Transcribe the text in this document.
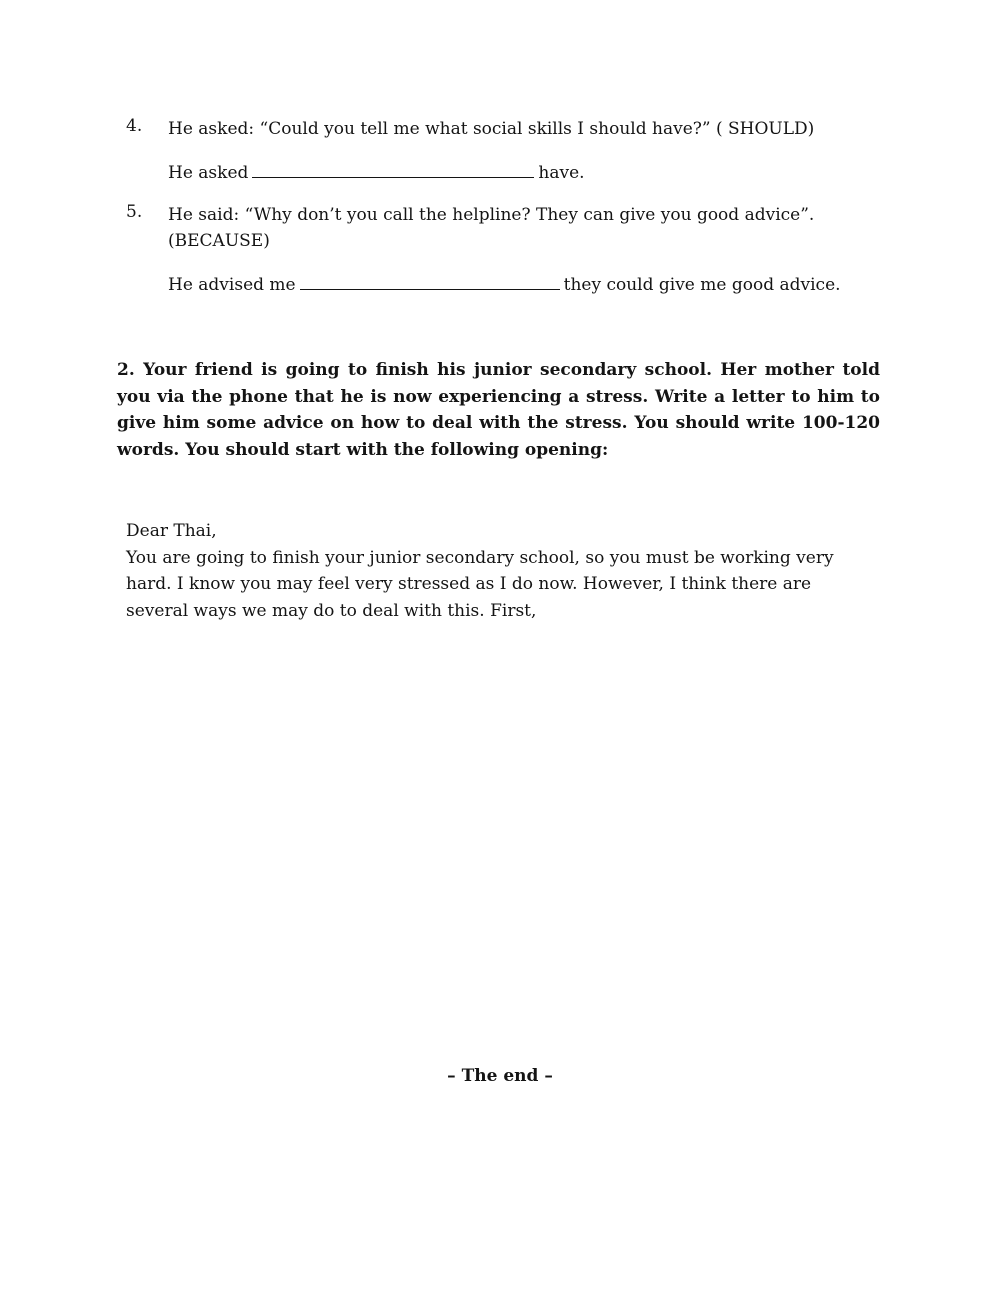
4. He asked: “Could you tell me what social skills I should have?” ( SHOULD)
He asked	have.
5. He said: “Why don’t you call the helpline? They can give you good advice”.
(BECAUSE)
He advised me	they could give me good advice.
2. Your friend is going to finish his junior secondary school. Her mother told you via the phone that he is now experiencing a stress. Write a letter to him to give him some advice on how to deal with the stress. You should write 100-120 words. You should start with the following opening:

Dear Thai,

You are going to finish your junior secondary school, so you must be working very hard. I know you may feel very stressed as I do now. However, I think there are several ways we may do to deal with this. First,

– The end –
